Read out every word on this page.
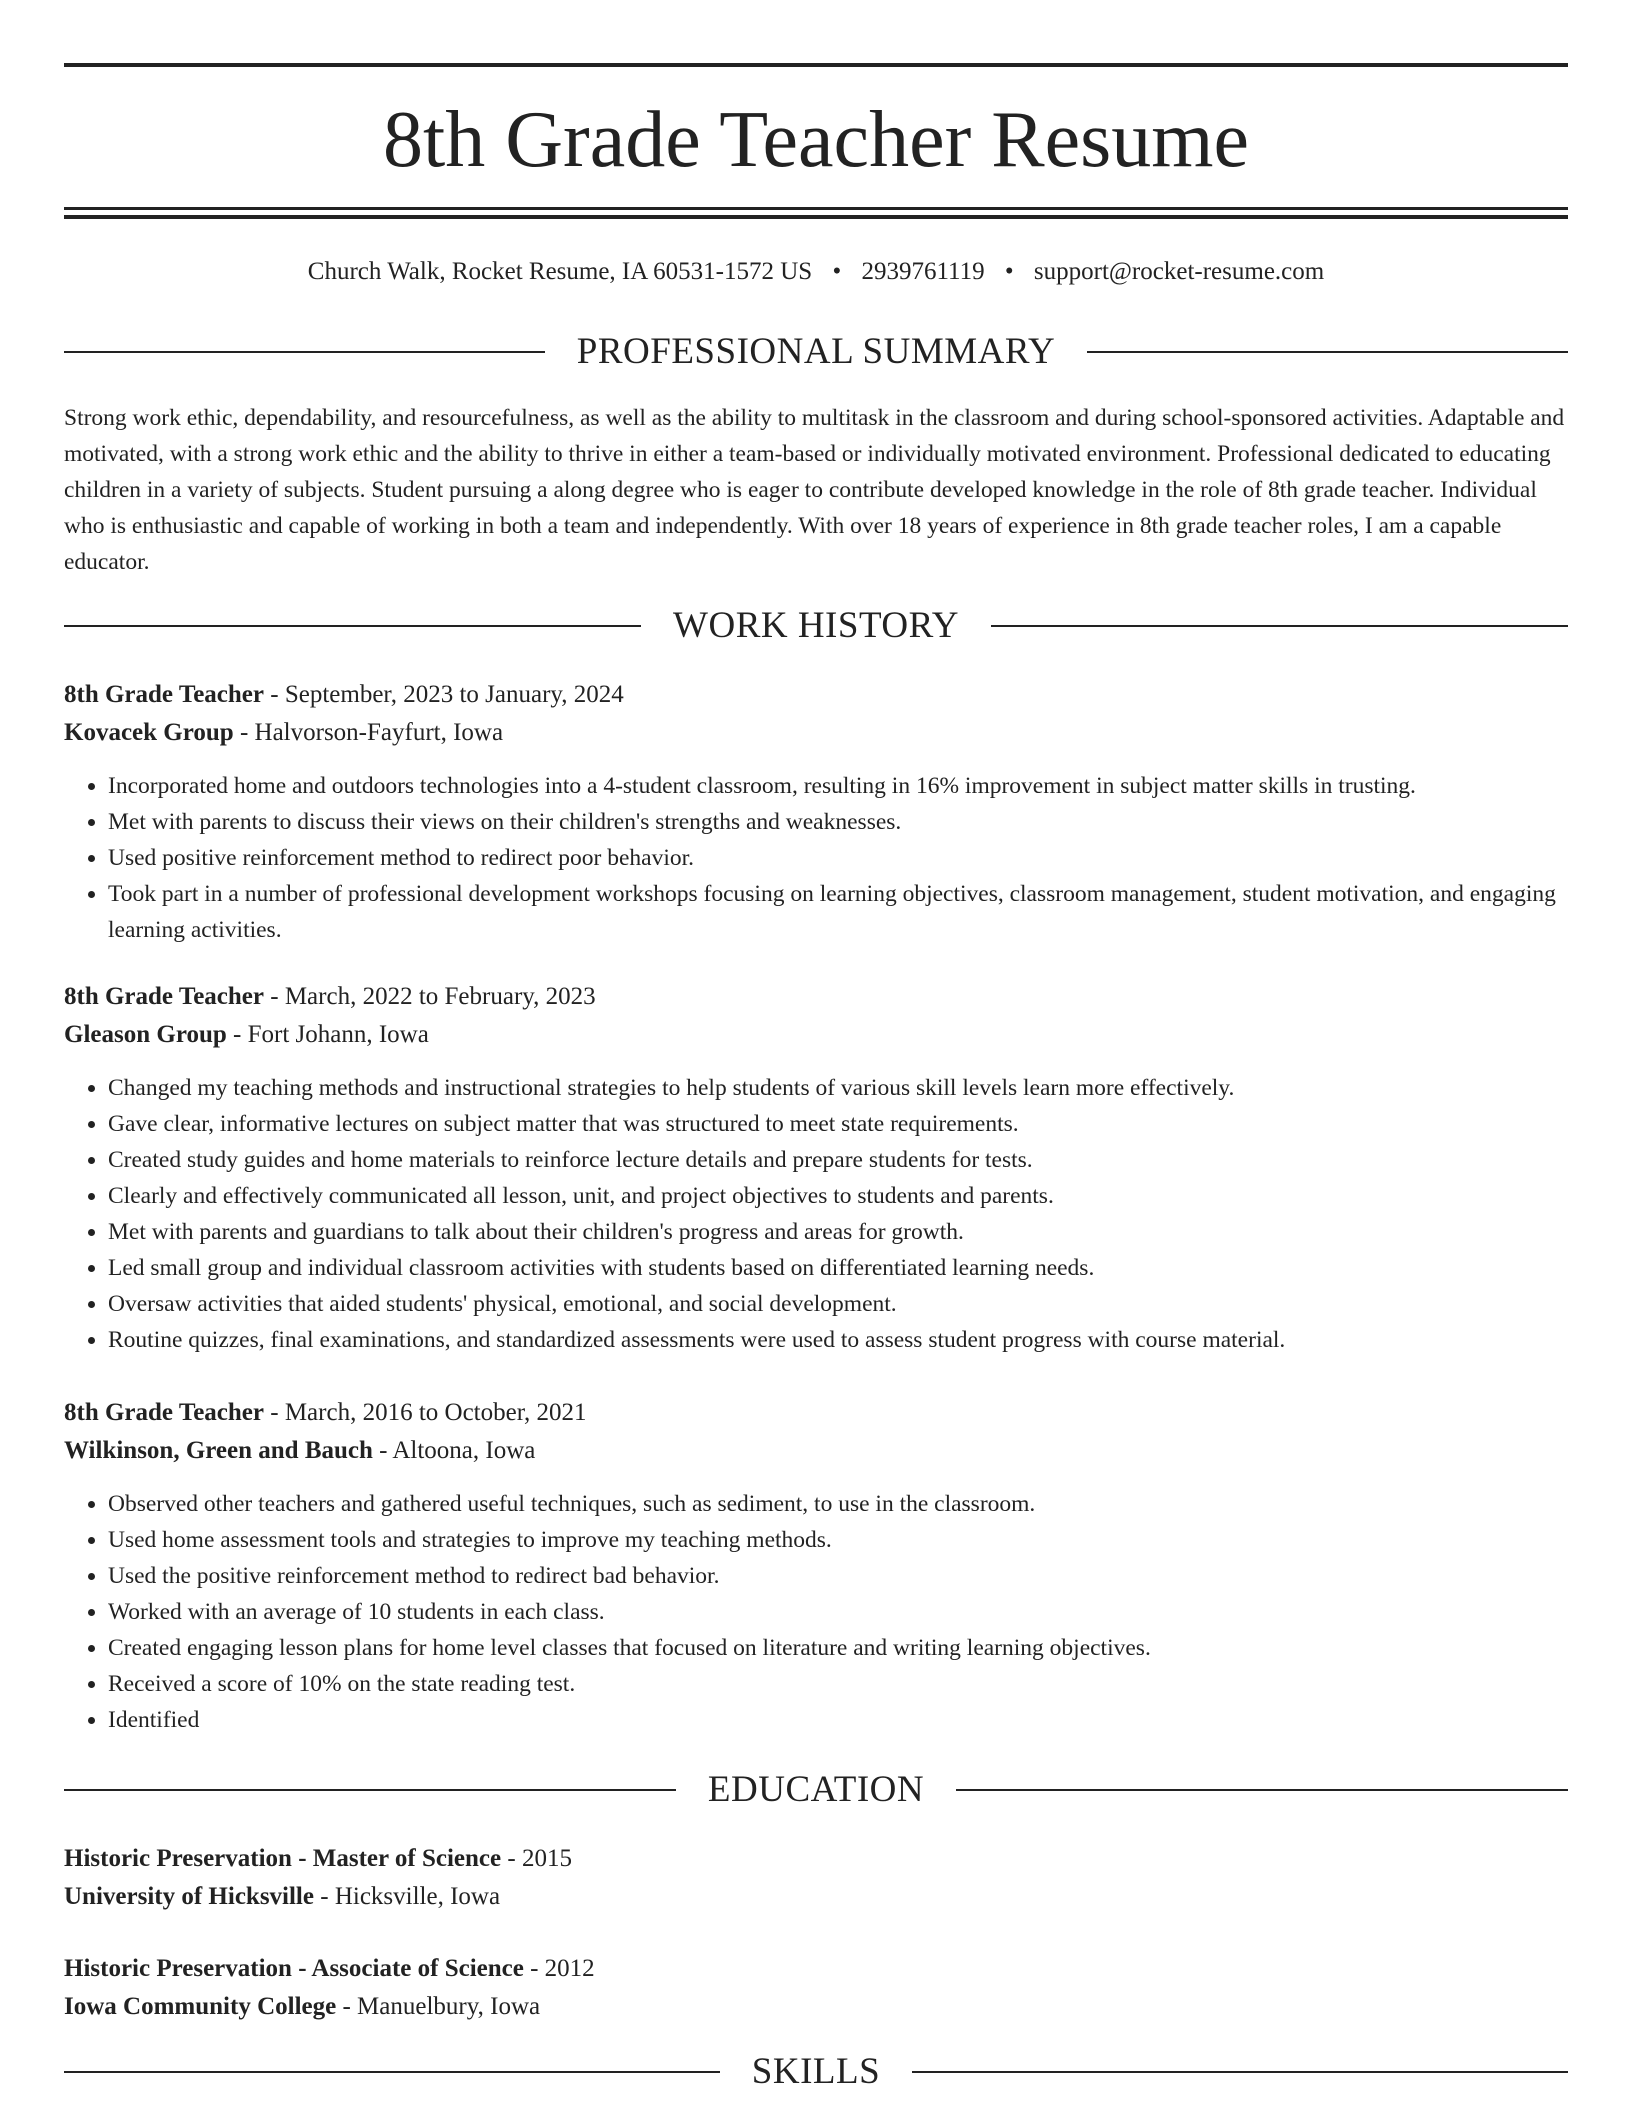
8th Grade Teacher Resume
Church Walk, Rocket Resume, IA 60531-1572 US • 2939761119 • support@rocket-resume.com
PROFESSIONAL SUMMARY

Strong work ethic, dependability, and resourcefulness, as well as the ability to multitask in the classroom and during school-sponsored activities. Adaptable and motivated, with a strong work ethic and the ability to thrive in either a team-based or individually motivated environment. Professional dedicated to educating children in a variety of subjects. Student pursuing a along degree who is eager to contribute developed knowledge in the role of 8th grade teacher. Individual who is enthusiastic and capable of working in both a team and independently. With over 18 years of experience in 8th grade teacher roles, I am a capable educator.

WORK HISTORY

8th Grade Teacher - September, 2023 to January, 2024

Kovacek Group - Halvorson-Fayfurt, Iowa

• Incorporated home and outdoors technologies into a 4-student classroom, resulting in 16% improvement in subject matter skills in trusting.
• Met with parents to discuss their views on their children's strengths and weaknesses.
• Used positive reinforcement method to redirect poor behavior.
• Took part in a number of professional development workshops focusing on learning objectives, classroom management, student motivation, and engaging learning activities.

8th Grade Teacher - March, 2022 to February, 2023

Gleason Group - Fort Johann, Iowa

• Changed my teaching methods and instructional strategies to help students of various skill levels learn more effectively.
• Gave clear, informative lectures on subject matter that was structured to meet state requirements.
• Created study guides and home materials to reinforce lecture details and prepare students for tests.
• Clearly and effectively communicated all lesson, unit, and project objectives to students and parents.
• Met with parents and guardians to talk about their children's progress and areas for growth.
• Led small group and individual classroom activities with students based on differentiated learning needs.
• Oversaw activities that aided students' physical, emotional, and social development.
• Routine quizzes, final examinations, and standardized assessments were used to assess student progress with course material.

8th Grade Teacher - March, 2016 to October, 2021

Wilkinson, Green and Bauch - Altoona, Iowa

• Observed other teachers and gathered useful techniques, such as sediment, to use in the classroom.
• Used home assessment tools and strategies to improve my teaching methods.
• Used the positive reinforcement method to redirect bad behavior.
• Worked with an average of 10 students in each class.
• Created engaging lesson plans for home level classes that focused on literature and writing learning objectives.
• Received a score of 10% on the state reading test.
• Identified
EDUCATION

Historic Preservation - Master of Science - 2015

University of Hicksville - Hicksville, Iowa

Historic Preservation - Associate of Science - 2012

Iowa Community College - Manuelbury, Iowa

SKILLS
